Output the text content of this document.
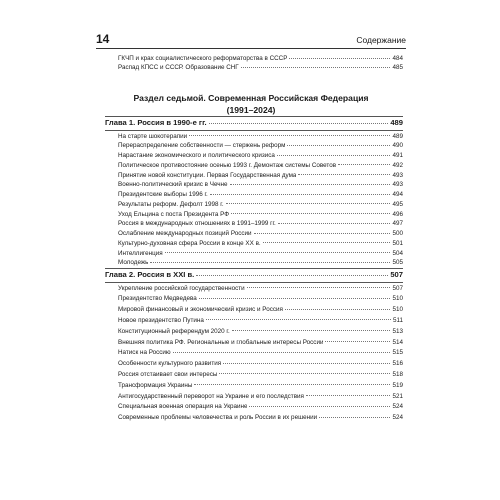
14	Содержание
ГКЧП и крах социалистического реформаторства в СССР	484
Распад КПСС и СССР. Образование СНГ	485
Раздел седьмой. Современная Российская Федерация
(1991–2024)
Глава 1. Россия в 1990-е гг.	489
На старте шокотерапии	489
Перераспределение собственности — стержень реформ	490
Нарастание экономического и политического кризиса	491
Политическое противостояние осенью 1993 г. Демонтаж системы Советов	492
Принятие новой конституции. Первая Государственная дума	493
Военно-политический кризис в Чечне	493
Президентские выборы 1996 г.	494
Результаты реформ. Дефолт 1998 г.	495
Уход Ельцина с поста Президента РФ	496
Россия в международных отношениях в 1991–1999 гг.	497
Ослабление международных позиций России	500
Культурно-духовная сфера России в конце XX в.	501
Интеллигенция	504
Молодежь	505
Глава 2. Россия в XXI в.	507
Укрепление российской государственности	507
Президентство Медведева	510
Мировой финансовый и экономический кризис и Россия	510
Новое президентство Путина	511
Конституционный референдум 2020 г.	513
Внешняя политика РФ. Региональные и глобальные интересы России	514
Натиск на Россию	515
Особенности культурного развития	516
Россия отстаивает свои интересы	518
Трансформация Украины	519
Антигосударственный переворот на Украине и его последствия	521
Специальная военная операция на Украине	524
Современные проблемы человечества и роль России в их решении	524
